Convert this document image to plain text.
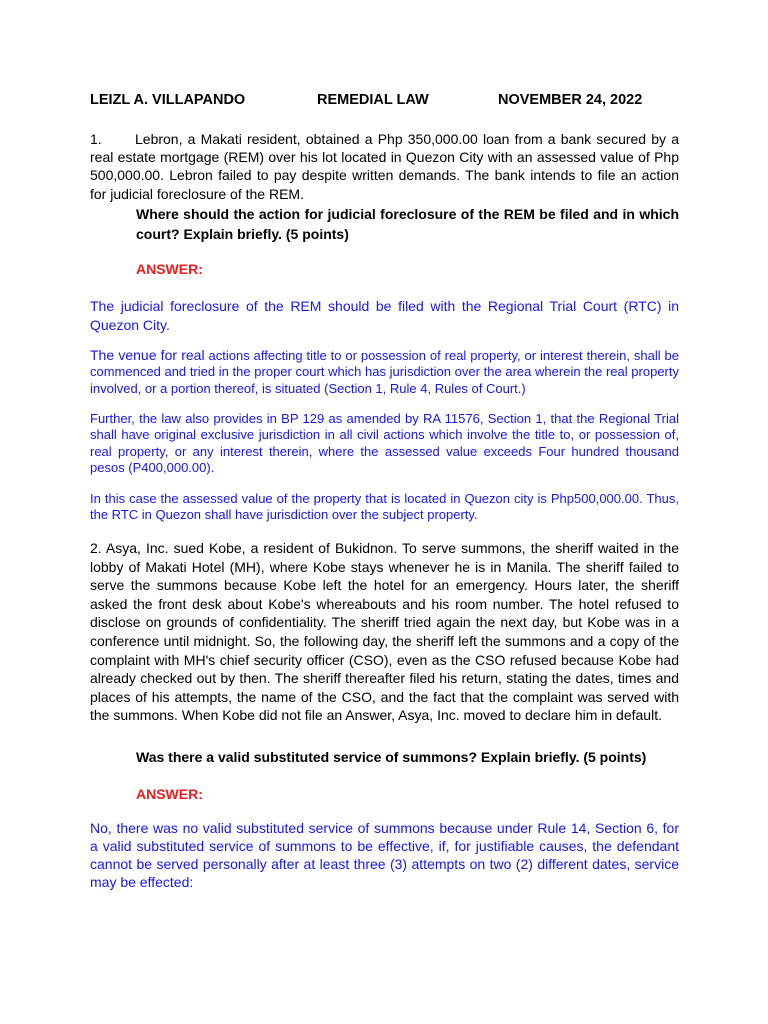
LEIZL A. VILLAPANDO	REMEDIAL LAW	NOVEMBER 24, 2022

1. Lebron, a Makati resident, obtained a Php 350,000.00 loan from a bank secured by a real estate mortgage (REM) over his lot located in Quezon City with an assessed value of Php 500,000.00. Lebron failed to pay despite written demands. The bank intends to file an action for judicial foreclosure of the REM.

Where should the action for judicial foreclosure of the REM be filed and in which court? Explain briefly. (5 points)

ANSWER:

The judicial foreclosure of the REM should be filed with the Regional Trial Court (RTC) in Quezon City.

The venue for real actions affecting title to or possession of real property, or interest therein, shall be commenced and tried in the proper court which has jurisdiction over the area wherein the real property involved, or a portion thereof, is situated (Section 1, Rule 4, Rules of Court.)

Further, the law also provides in BP 129 as amended by RA 11576, Section 1, that the Regional Trial shall have original exclusive jurisdiction in all civil actions which involve the title to, or possession of, real property, or any interest therein, where the assessed value exceeds Four hundred thousand pesos (P400,000.00).

In this case the assessed value of the property that is located in Quezon city is Php500,000.00. Thus, the RTC in Quezon shall have jurisdiction over the subject property.

2. Asya, Inc. sued Kobe, a resident of Bukidnon. To serve summons, the sheriff waited in the lobby of Makati Hotel (MH), where Kobe stays whenever he is in Manila. The sheriff failed to serve the summons because Kobe left the hotel for an emergency. Hours later, the sheriff asked the front desk about Kobe's whereabouts and his room number. The hotel refused to disclose on grounds of confidentiality. The sheriff tried again the next day, but Kobe was in a conference until midnight. So, the following day, the sheriff left the summons and a copy of the complaint with MH's chief security officer (CSO), even as the CSO refused because Kobe had already checked out by then. The sheriff thereafter filed his return, stating the dates, times and places of his attempts, the name of the CSO, and the fact that the complaint was served with the summons. When Kobe did not file an Answer, Asya, Inc. moved to declare him in default.

Was there a valid substituted service of summons? Explain briefly. (5 points)

ANSWER:

No, there was no valid substituted service of summons because under Rule 14, Section 6, for a valid substituted service of summons to be effective, if, for justifiable causes, the defendant cannot be served personally after at least three (3) attempts on two (2) different dates, service may be effected:
